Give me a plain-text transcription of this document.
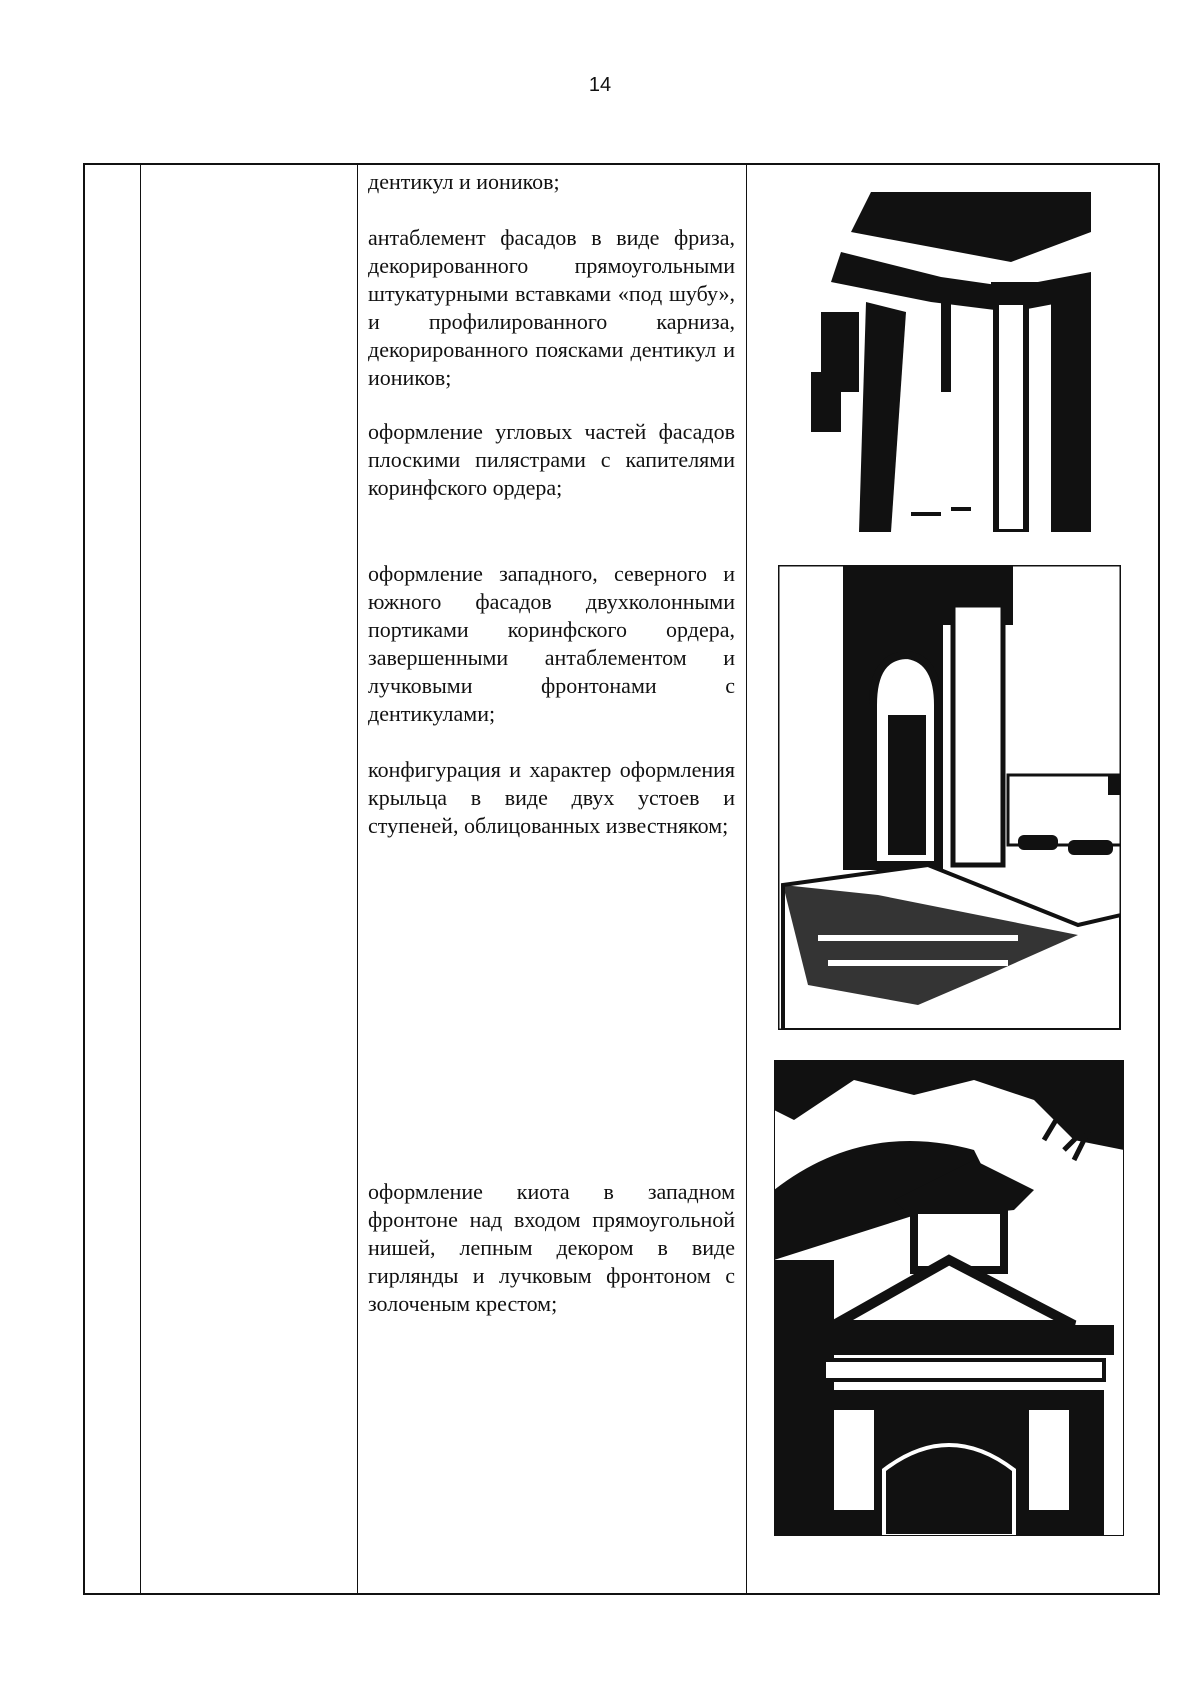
14
дентикул и иоников;
антаблемент фасадов в виде фриза, декорированного прямоугольными штукатурными вставками «под шубу», и профилированного карниза, декорированного поясками дентикул и иоников;
оформление угловых частей фасадов плоскими пилястрами с капителями коринфского ордера;
оформление западного, северного и южного фасадов двухколонными портиками коринфского ордера, завершенными антаблементом и лучковыми фронтонами с дентикулами;
конфигурация и характер оформления крыльца в виде двух устоев и ступеней, облицованных известняком;
оформление киота в западном фронтоне над входом прямоугольной нишей, лепным декором в виде гирлянды и лучковым фронтоном с золоченым крестом;
